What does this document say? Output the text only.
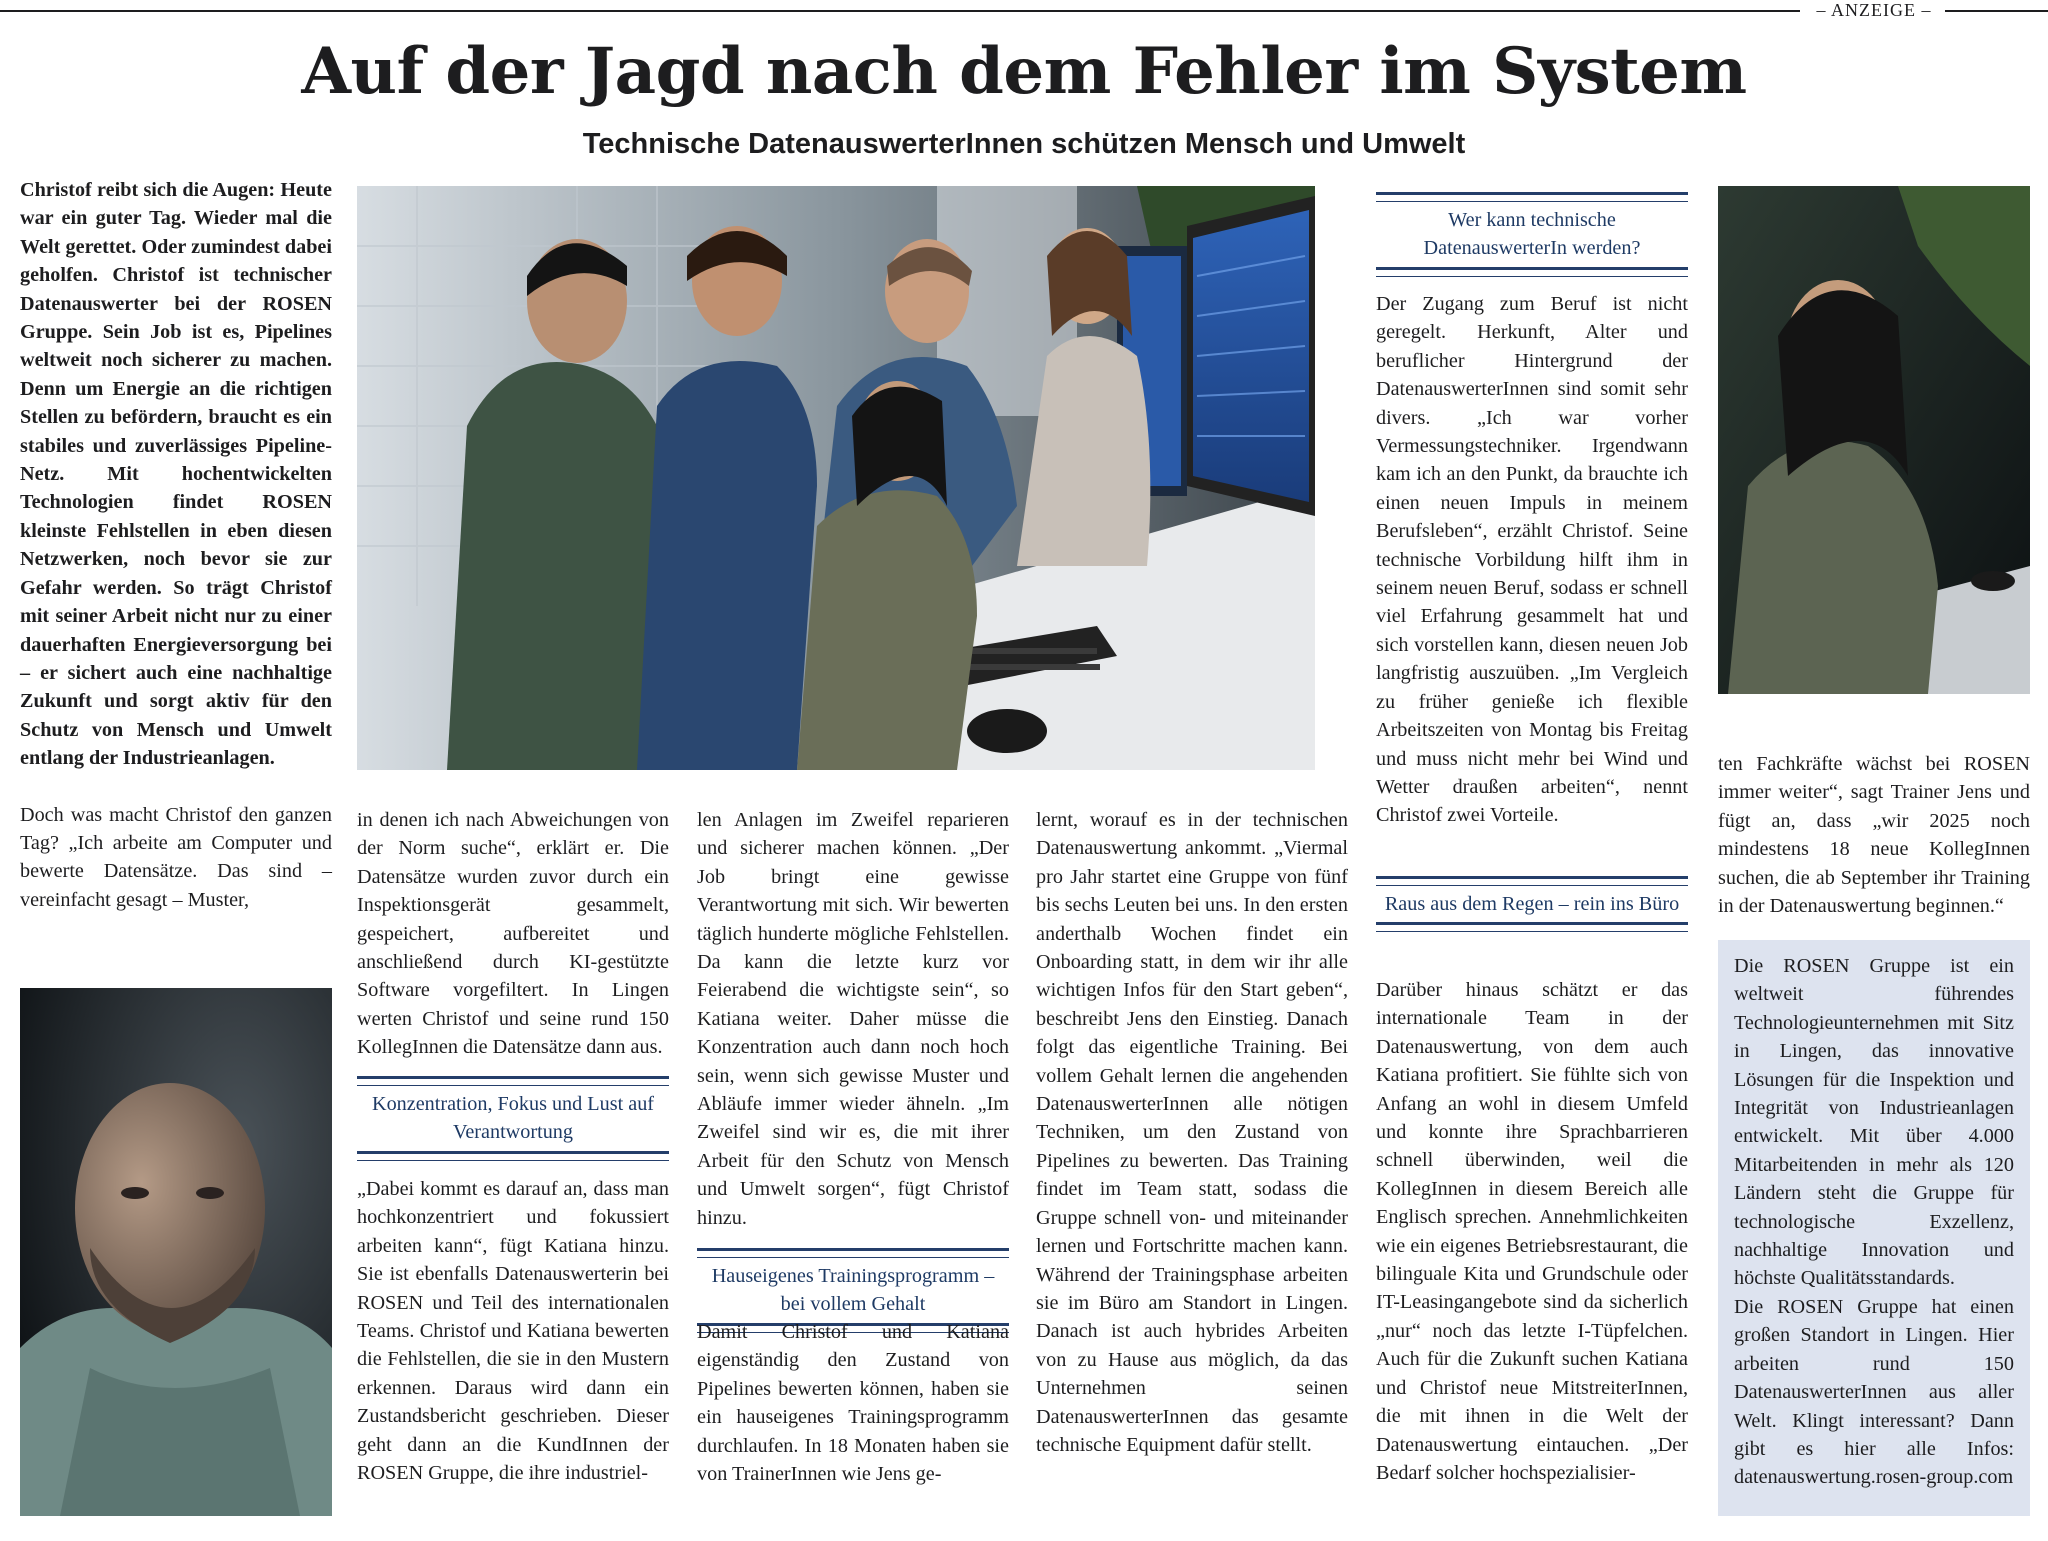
– ANZEIGE –
Auf der Jagd nach dem Fehler im System
Technische DatenauswerterInnen schützen Mensch und Umwelt

Christof reibt sich die Augen: Heute war ein guter Tag. Wieder mal die Welt gerettet. Oder zumindest dabei geholfen. Christof ist technischer Datenauswerter bei der ROSEN Gruppe. Sein Job ist es, Pipelines weltweit noch sicherer zu machen. Denn um Energie an die richtigen Stellen zu befördern, braucht es ein stabiles und zuverlässiges Pipeline-Netz. Mit hochentwickelten Technologien findet ROSEN kleinste Fehlstellen in eben diesen Netzwerken, noch bevor sie zur Gefahr werden. So trägt Christof mit seiner Arbeit nicht nur zu einer dauerhaften Energieversorgung bei – er sichert auch eine nachhaltige Zukunft und sorgt aktiv für den Schutz von Mensch und Umwelt entlang der Industrieanlagen.

Doch was macht Christof den ganzen Tag? „Ich arbeite am Computer und bewerte Datensätze. Das sind – vereinfacht gesagt – Muster,

in denen ich nach Abweichungen von der Norm suche“, erklärt er. Die Datensätze wurden zuvor durch ein Inspektionsgerät gesammelt, gespeichert, aufbereitet und anschließend durch KI-gestützte Software vorgefiltert. In Lingen werten Christof und seine rund 150 KollegInnen die Datensätze dann aus.

Konzentration, Fokus und Lust auf Verantwortung

„Dabei kommt es darauf an, dass man hochkonzentriert und fokussiert arbeiten kann“, fügt Katiana hinzu. Sie ist ebenfalls Datenauswerterin bei ROSEN und Teil des internationalen Teams. Christof und Katiana bewerten die Fehlstellen, die sie in den Mustern erkennen. Daraus wird dann ein Zustandsbericht geschrieben. Dieser geht dann an die KundInnen der ROSEN Gruppe, die ihre industriel-

len Anlagen im Zweifel reparieren und sicherer machen können. „Der Job bringt eine gewisse Verantwortung mit sich. Wir bewerten täglich hunderte mögliche Fehlstellen. Da kann die letzte kurz vor Feierabend die wichtigste sein“, so Katiana weiter. Daher müsse die Konzentration auch dann noch hoch sein, wenn sich gewisse Muster und Abläufe immer wieder ähneln. „Im Zweifel sind wir es, die mit ihrer Arbeit für den Schutz von Mensch und Umwelt sorgen“, fügt Christof hinzu.

Hauseigenes Trainingsprogramm – bei vollem Gehalt

Damit Christof und Katiana eigenständig den Zustand von Pipelines bewerten können, haben sie ein hauseigenes Trainingsprogramm durchlaufen. In 18 Monaten haben sie von TrainerInnen wie Jens ge-

lernt, worauf es in der technischen Datenauswertung ankommt. „Viermal pro Jahr startet eine Gruppe von fünf bis sechs Leuten bei uns. In den ersten anderthalb Wochen findet ein Onboarding statt, in dem wir ihr alle wichtigen Infos für den Start geben“, beschreibt Jens den Einstieg. Danach folgt das eigentliche Training. Bei vollem Gehalt lernen die angehenden DatenauswerterInnen alle nötigen Techniken, um den Zustand von Pipelines zu bewerten. Das Training findet im Team statt, sodass die Gruppe schnell von- und miteinander lernen und Fortschritte machen kann. Während der Trainingsphase arbeiten sie im Büro am Standort in Lingen. Danach ist auch hybrides Arbeiten von zu Hause aus möglich, da das Unternehmen seinen DatenauswerterInnen das gesamte technische Equipment dafür stellt.

Wer kann technische DatenauswerterIn werden?

Der Zugang zum Beruf ist nicht geregelt. Herkunft, Alter und beruflicher Hintergrund der DatenauswerterInnen sind somit sehr divers. „Ich war vorher Vermessungstechniker. Irgendwann kam ich an den Punkt, da brauchte ich einen neuen Impuls in meinem Berufsleben“, erzählt Christof. Seine technische Vorbildung hilft ihm in seinem neuen Beruf, sodass er schnell viel Erfahrung gesammelt hat und sich vorstellen kann, diesen neuen Job langfristig auszuüben. „Im Vergleich zu früher genieße ich flexible Arbeitszeiten von Montag bis Freitag und muss nicht mehr bei Wind und Wetter draußen arbeiten“, nennt Christof zwei Vorteile.

Raus aus dem Regen – rein ins Büro

Darüber hinaus schätzt er das internationale Team in der Datenauswertung, von dem auch Katiana profitiert. Sie fühlte sich von Anfang an wohl in diesem Umfeld und konnte ihre Sprachbarrieren schnell überwinden, weil die KollegInnen in diesem Bereich alle Englisch sprechen. Annehmlichkeiten wie ein eigenes Betriebsrestaurant, die bilinguale Kita und Grundschule oder IT-Leasingangebote sind da sicherlich „nur“ noch das letzte I-Tüpfelchen. Auch für die Zukunft suchen Katiana und Christof neue MitstreiterInnen, die mit ihnen in die Welt der Datenauswertung eintauchen. „Der Bedarf solcher hochspezialisier-

ten Fachkräfte wächst bei ROSEN immer weiter“, sagt Trainer Jens und fügt an, dass „wir 2025 noch mindestens 18 neue KollegInnen suchen, die ab September ihr Training in der Datenauswertung beginnen.“

Die ROSEN Gruppe ist ein weltweit führendes Technologieunternehmen mit Sitz in Lingen, das innovative Lösungen für die Inspektion und Integrität von Industrieanlagen entwickelt. Mit über 4.000 Mitarbeitenden in mehr als 120 Ländern steht die Gruppe für technologische Exzellenz, nachhaltige Innovation und höchste Qualitätsstandards.

Die ROSEN Gruppe hat einen großen Standort in Lingen. Hier arbeiten rund 150 DatenauswerterInnen aus aller Welt. Klingt interessant? Dann gibt es hier alle Infos: datenauswertung.rosen-group.com
